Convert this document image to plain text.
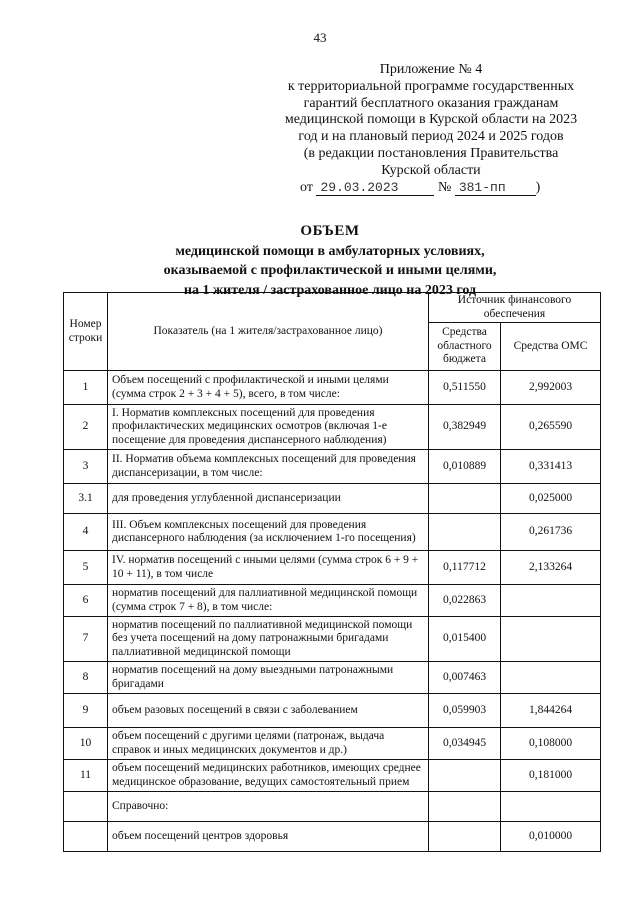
43
Приложение № 4
к территориальной программе государственных
гарантий бесплатного оказания гражданам
медицинской помощи в Курской области на 2023
год и на плановый период 2024 и 2025 годов
(в редакции постановления Правительства
Курской области
от 29.03.2023	№ 381-пп )
ОБЪЕМ
медицинской помощи в амбулаторных условиях,
оказываемой с профилактической и иными целями,
на 1 жителя / застрахованное лицо на 2023 год
Номер строки	Показатель (на 1 жителя/застрахованное лицо)	Источник финансового обеспечения	
		Средства областного бюджета	Средства ОМС
1	Объем посещений с профилактической и иными целями (сумма строк 2 + 3 + 4 + 5), всего, в том числе:	0,511550	2,992003
2	I. Норматив комплексных посещений для проведения профилактических медицинских осмотров (включая 1-е посещение для проведения диспансерного наблюдения)	0,382949	0,265590
3	II. Норматив объема комплексных посещений для проведения диспансеризации, в том числе:	0,010889	0,331413
3.1	для проведения углубленной диспансеризации		0,025000
4	III. Объем комплексных посещений для проведения диспансерного наблюдения (за исключением 1-го посещения)		0,261736
5	IV. норматив посещений с иными целями (сумма строк 6 + 9 + 10 + 11), в том числе	0,117712	2,133264
6	норматив посещений для паллиативной медицинской помощи (сумма строк 7 + 8), в том числе:	0,022863	
7	норматив посещений по паллиативной медицинской помощи без учета посещений на дому патронажными бригадами паллиативной медицинской помощи	0,015400	
8	норматив посещений на дому выездными патронажными бригадами	0,007463	
9	объем разовых посещений в связи с заболеванием	0,059903	1,844264
10	объем посещений с другими целями (патронаж, выдача справок и иных медицинских документов и др.)	0,034945	0,108000
11	объем посещений медицинских работников, имеющих среднее медицинское образование, ведущих самостоятельный прием		0,181000
	Справочно:		
	объем посещений центров здоровья		0,010000
